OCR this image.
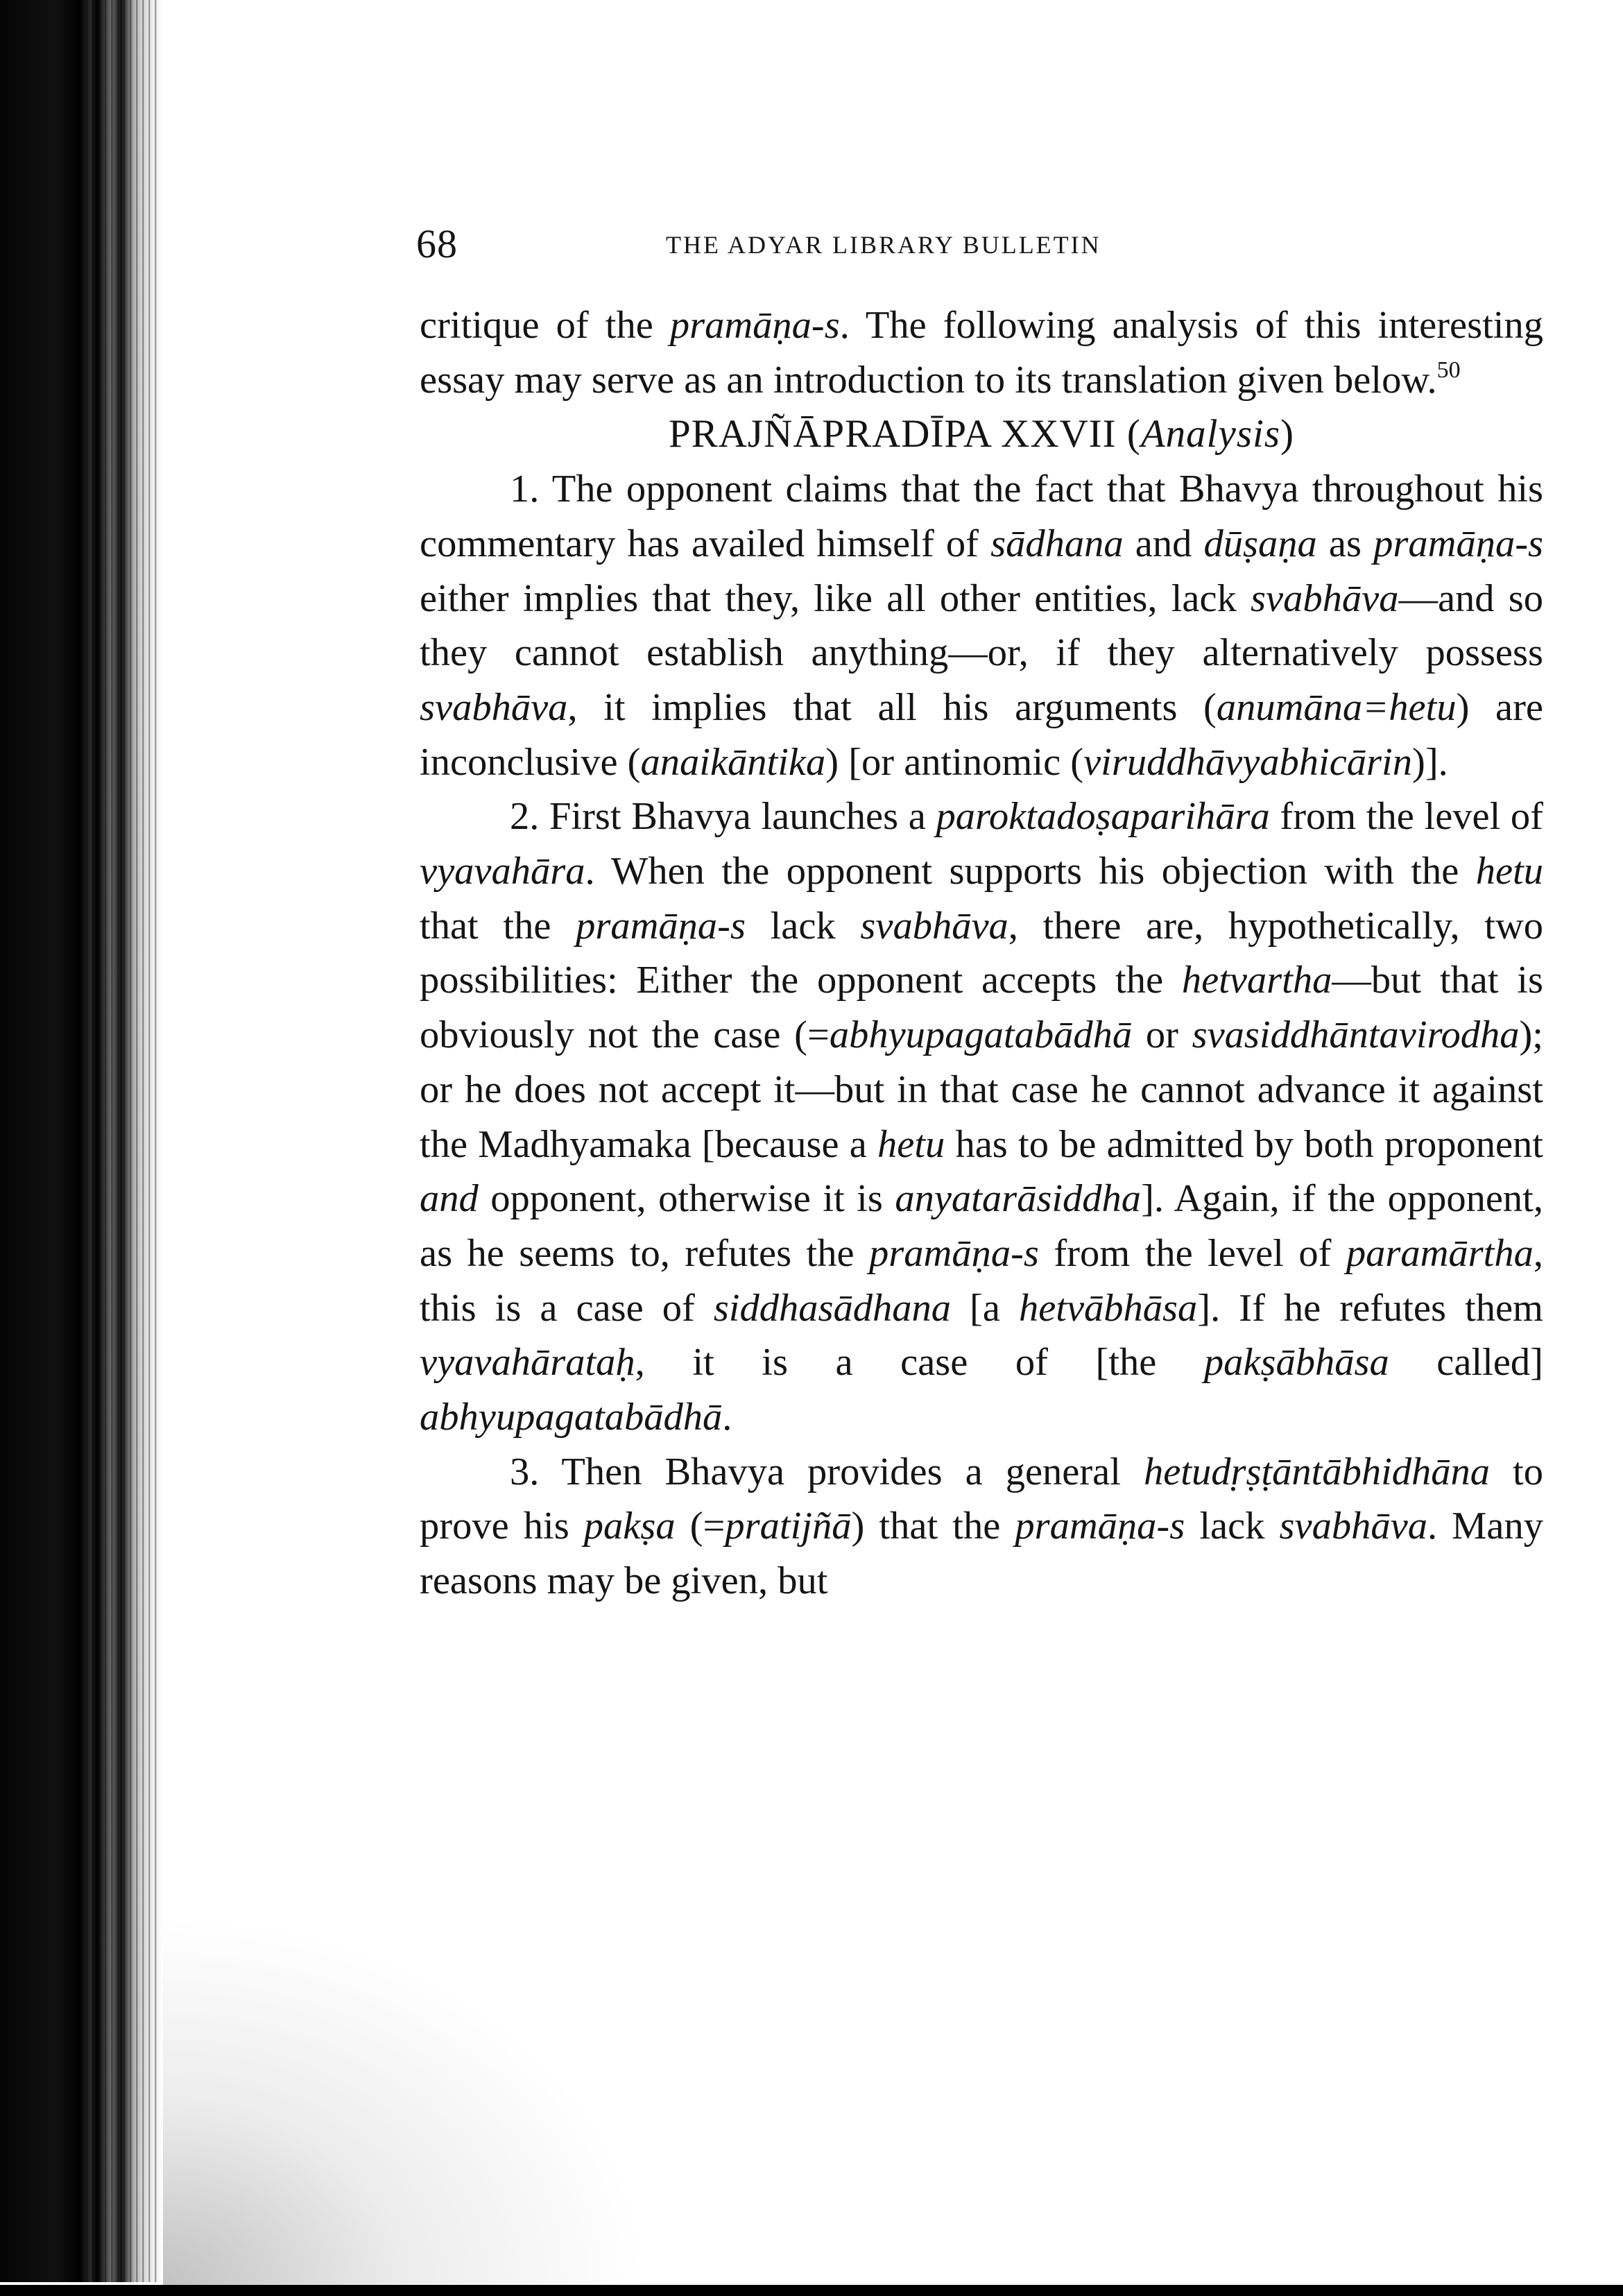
68	THE ADYAR LIBRARY BULLETIN

critique of the pramāṇa-s. The following analysis of this interesting essay may serve as an introduction to its translation given below.$^{50}$

PRAJÑĀPRADĪPA XXVII (Analysis)

1. The opponent claims that the fact that Bhavya throughout his commentary has availed himself of sādhana and dūṣaṇa as pramāṇa-s either implies that they, like all other entities, lack svabhāva—and so they cannot establish anything—or, if they alternatively possess svabhāva, it implies that all his arguments (anumāna=hetu) are inconclusive (anaikāntika) [or antinomic (viruddhāvyabhicārin)].

2. First Bhavya launches a paroktadoṣaparihāra from the level of vyavahāra. When the opponent supports his objection with the hetu that the pramāṇa-s lack svabhāva, there are, hypothetically, two possibilities: Either the opponent accepts the hetvartha—but that is obviously not the case (=abhyupagatabādhā or svasiddhāntavirodha); or he does not accept it—but in that case he cannot advance it against the Madhyamaka [because a hetu has to be admitted by both proponent and opponent, otherwise it is anyatarāsiddha]. Again, if the opponent, as he seems to, refutes the pramāṇa-s from the level of paramārtha, this is a case of siddhasādhana [a hetvābhāsa]. If he refutes them vyavahārataḥ, it is a case of [the pakṣābhāsa called] abhyupagatabādhā.

3. Then Bhavya provides a general hetudṛṣṭāntābhidhāna to prove his pakṣa (=pratijñā) that the pramāṇa-s lack svabhāva. Many reasons may be given, but
